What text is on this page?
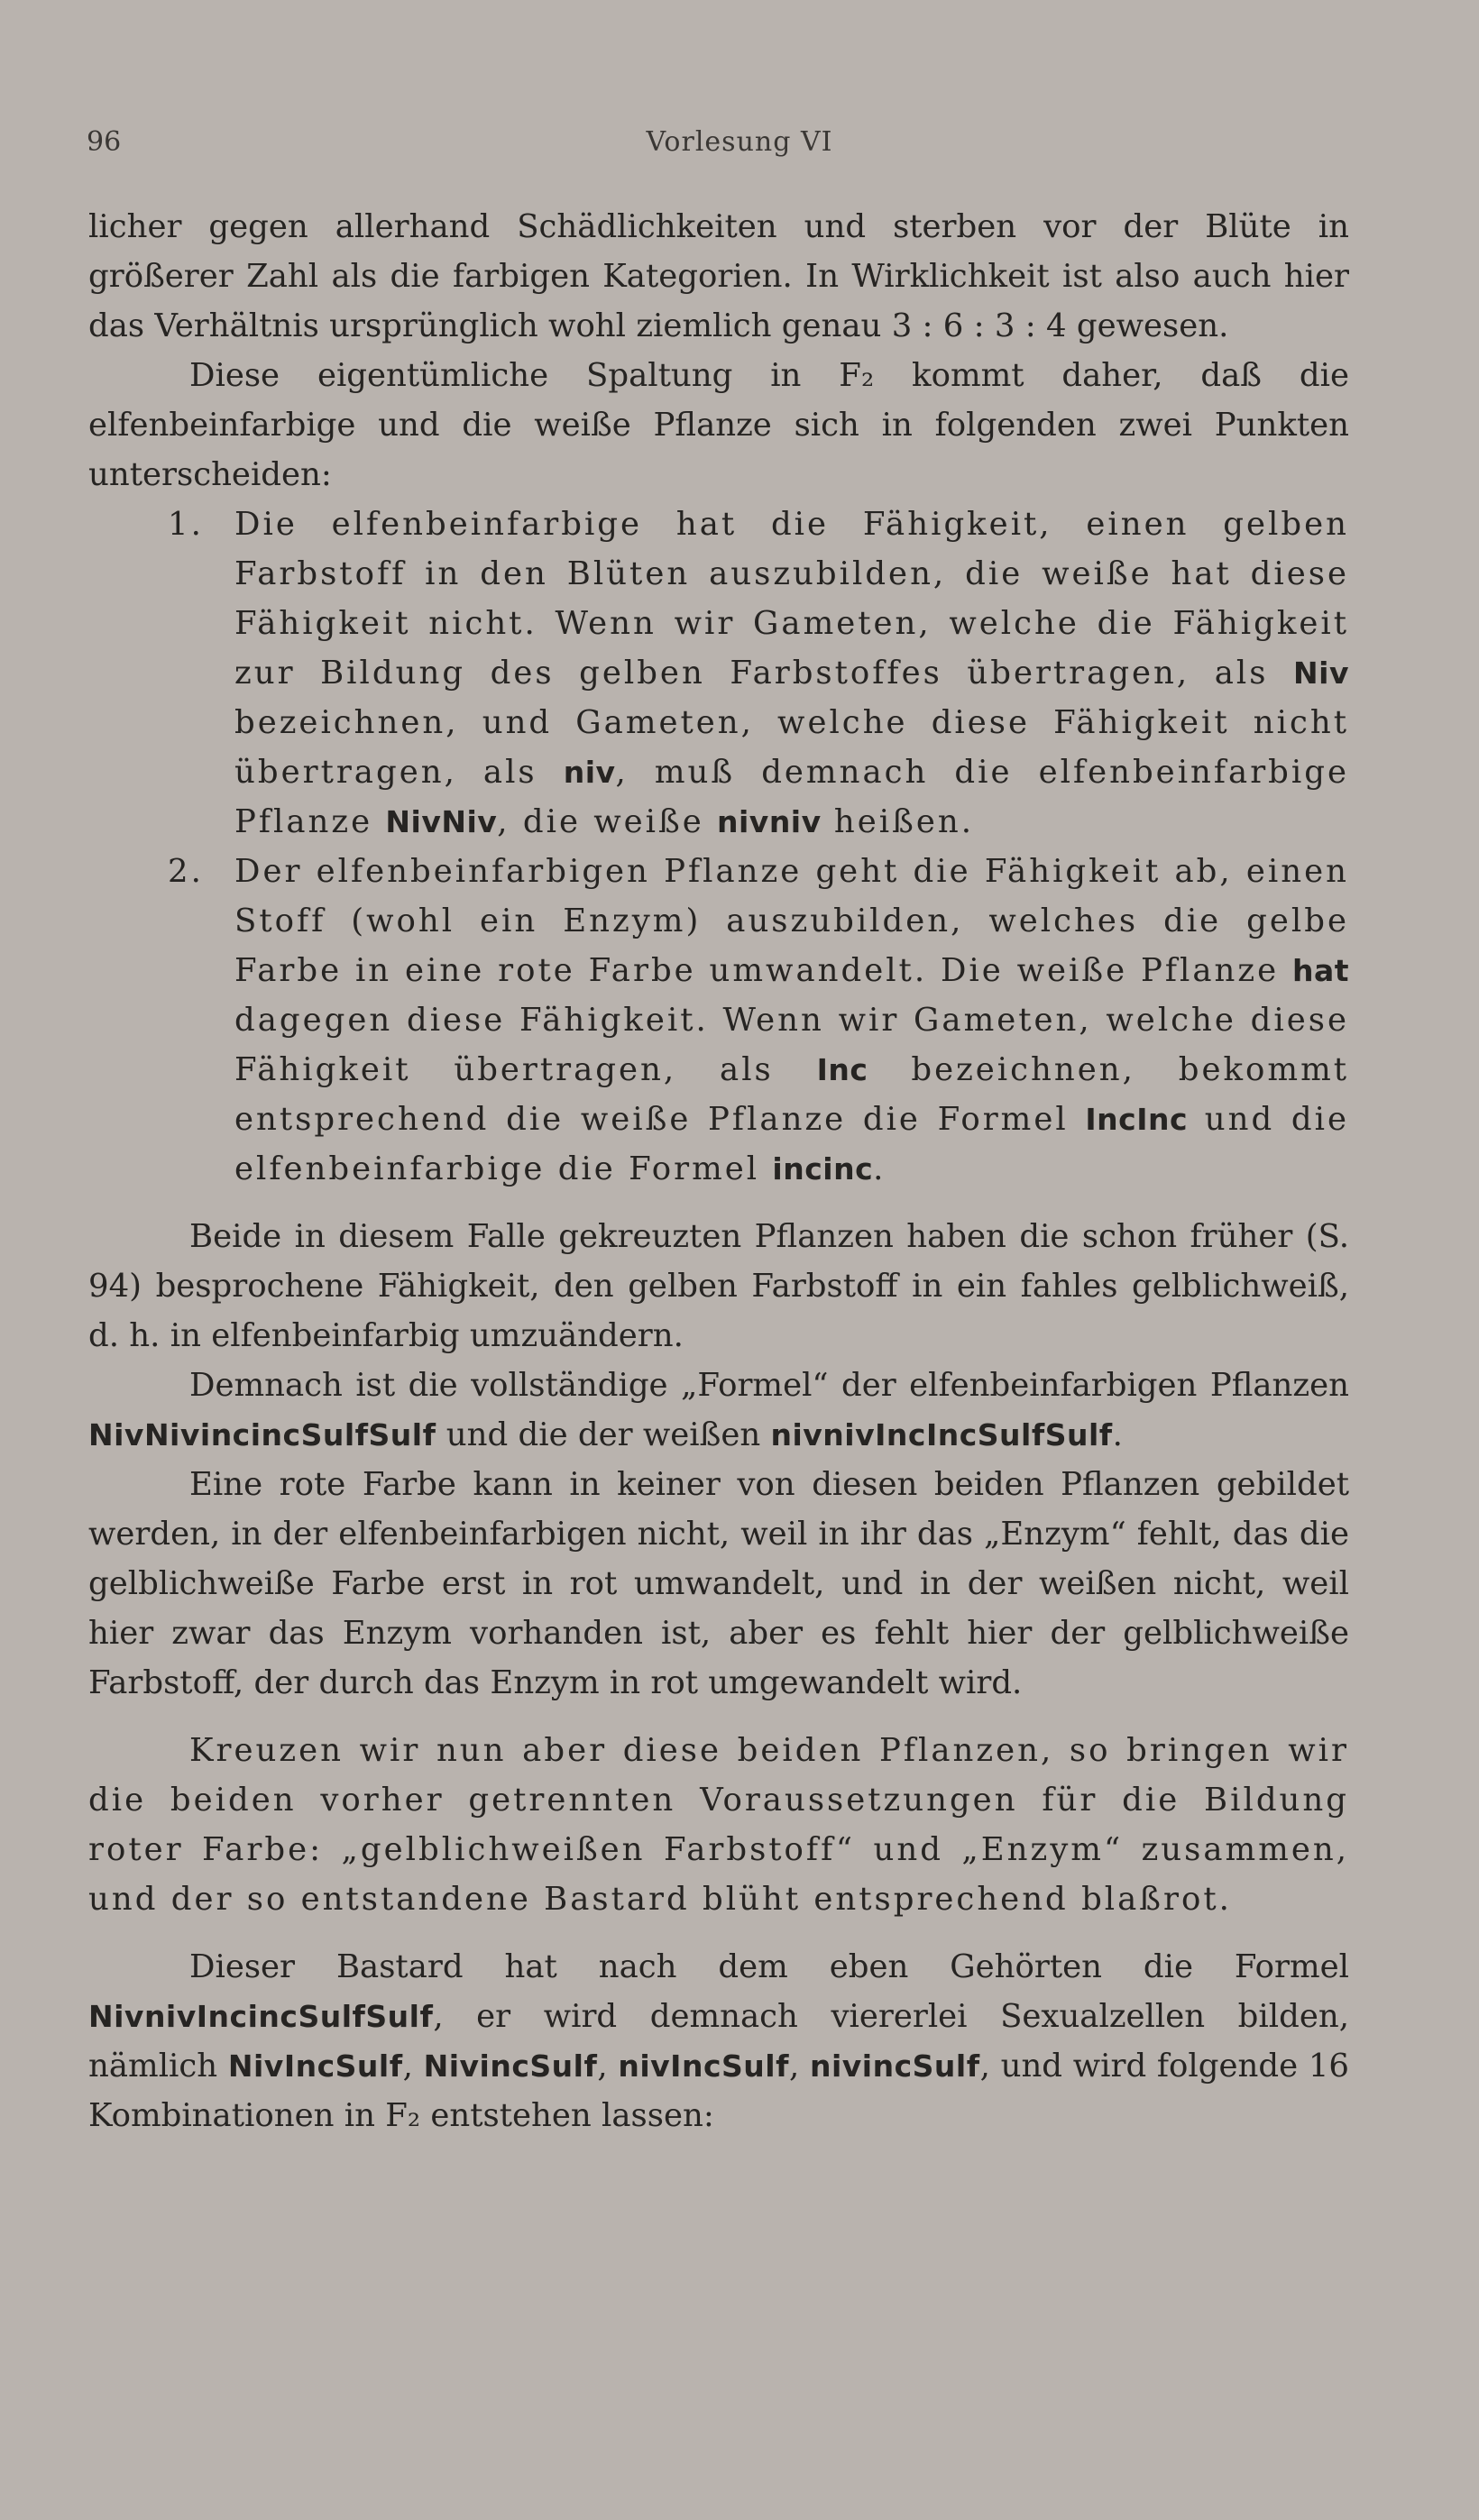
96	Vorlesung VI

licher gegen allerhand Schädlichkeiten und sterben vor der Blüte in größerer Zahl als die farbigen Kategorien. In Wirklichkeit ist also auch hier das Verhältnis ursprünglich wohl ziemlich genau 3 : 6 : 3 : 4 gewesen.

Diese eigentümliche Spaltung in F₂ kommt daher, daß die elfenbeinfarbige und die weiße Pflanze sich in folgenden zwei Punkten unterscheiden:

1. Die elfenbeinfarbige hat die Fähigkeit, einen gelben Farbstoff in den Blüten auszubilden, die weiße hat diese Fähigkeit nicht. Wenn wir Gameten, welche die Fähigkeit zur Bildung des gelben Farbstoffes übertragen, als Niv bezeichnen, und Gameten, welche diese Fähigkeit nicht übertragen, als niv, muß demnach die elfenbeinfarbige Pflanze NivNiv, die weiße nivniv heißen.
2. Der elfenbeinfarbigen Pflanze geht die Fähigkeit ab, einen Stoff (wohl ein Enzym) auszubilden, welches die gelbe Farbe in eine rote Farbe umwandelt. Die weiße Pflanze hat dagegen diese Fähigkeit. Wenn wir Gameten, welche diese Fähigkeit übertragen, als Inc bezeichnen, bekommt entsprechend die weiße Pflanze die Formel IncInc und die elfenbeinfarbige die Formel incinc.

Beide in diesem Falle gekreuzten Pflanzen haben die schon früher (S. 94) besprochene Fähigkeit, den gelben Farbstoff in ein fahles gelblichweiß, d. h. in elfenbeinfarbig umzuändern.

Demnach ist die vollständige „Formel“ der elfenbeinfarbigen Pflanzen NivNivincincSulfSulf und die der weißen nivnivIncIncSulfSulf.

Eine rote Farbe kann in keiner von diesen beiden Pflanzen gebildet werden, in der elfenbeinfarbigen nicht, weil in ihr das „Enzym“ fehlt, das die gelblichweiße Farbe erst in rot umwandelt, und in der weißen nicht, weil hier zwar das Enzym vorhanden ist, aber es fehlt hier der gelblichweiße Farbstoff, der durch das Enzym in rot umgewandelt wird.

Kreuzen wir nun aber diese beiden Pflanzen, so bringen wir die beiden vorher getrennten Voraussetzungen für die Bildung roter Farbe: „gelblichweißen Farbstoff“ und „Enzym“ zusammen, und der so entstandene Bastard blüht entsprechend blaßrot.

Dieser Bastard hat nach dem eben Gehörten die Formel NivnivIncincSulfSulf, er wird demnach viererlei Sexualzellen bilden, nämlich NivIncSulf, NivincSulf, nivIncSulf, nivincSulf, und wird folgende 16 Kombinationen in F₂ entstehen lassen:
